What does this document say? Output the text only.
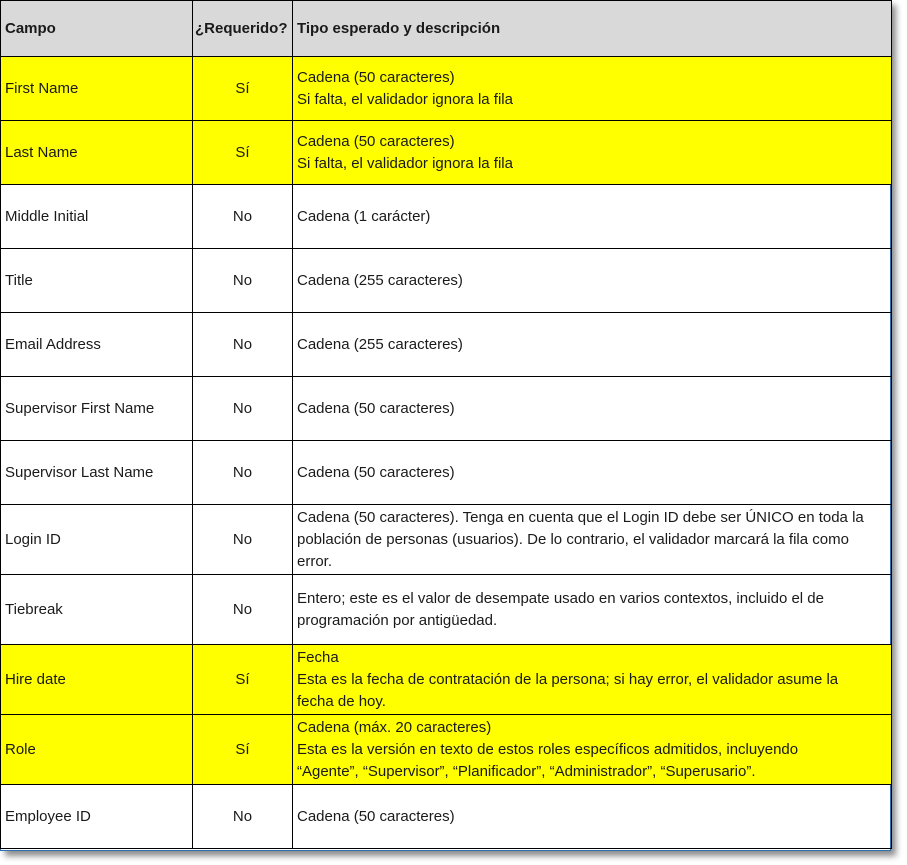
Campo	¿Requerido?	Tipo esperado y descripción
First Name	Sí	Cadena (50 caracteres)
Si falta, el validador ignora la fila

Last Name	Sí	Cadena (50 caracteres)
Si falta, el validador ignora la fila

Middle Initial	No	Cadena (1 carácter)

Title	No	Cadena (255 caracteres)

Email Address	No	Cadena (255 caracteres)

Supervisor First Name	No	Cadena (50 caracteres)

Supervisor Last Name	No	Cadena (50 caracteres)

Login ID	No	Cadena (50 caracteres). Tenga en cuenta que el Login ID debe ser ÚNICO en toda la
población de personas (usuarios). De lo contrario, el validador marcará la fila como
error.

Tiebreak	No	Entero; este es el valor de desempate usado en varios contextos, incluido el de
programación por antigüedad.

Hire date	Sí	Fecha
Esta es la fecha de contratación de la persona; si hay error, el validador asume la
fecha de hoy.

Role	Sí	Cadena (máx. 20 caracteres)
Esta es la versión en texto de estos roles específicos admitidos, incluyendo
“Agente”, “Supervisor”, “Planificador”, “Administrador”, “Superusario”.

Employee ID	No	Cadena (50 caracteres)
